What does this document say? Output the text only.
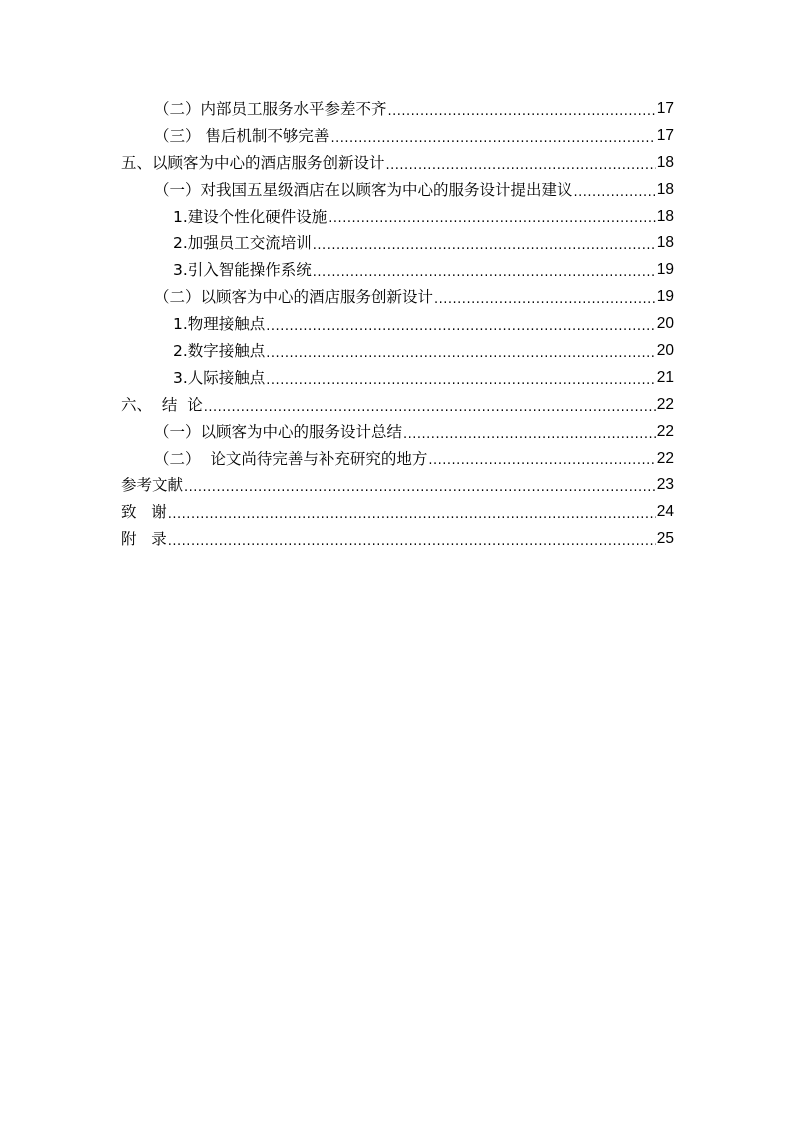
（二）内部员工服务水平参差不齐 .....	17
（三） 售后机制不够完善 .....	17
五、以顾客为中心的酒店服务创新设计 .....	18
（一）对我国五星级酒店在以顾客为中心的服务设计提出建议 .....	18
1.建设个性化硬件设施 .....	18
2.加强员工交流培训 .....	18
3.引入智能操作系统 .....	19
（二）以顾客为中心的酒店服务创新设计 .....	19
1.物理接触点 .....	20
2.数字接触点 .....	20
3.人际接触点 .....	21
六、  结  论 .....	22
（一）以顾客为中心的服务设计总结 .....	22
（二）  论文尚待完善与补充研究的地方 .....	22
参考文献 .....	23
致   谢 .....	24
附   录 .....	25
